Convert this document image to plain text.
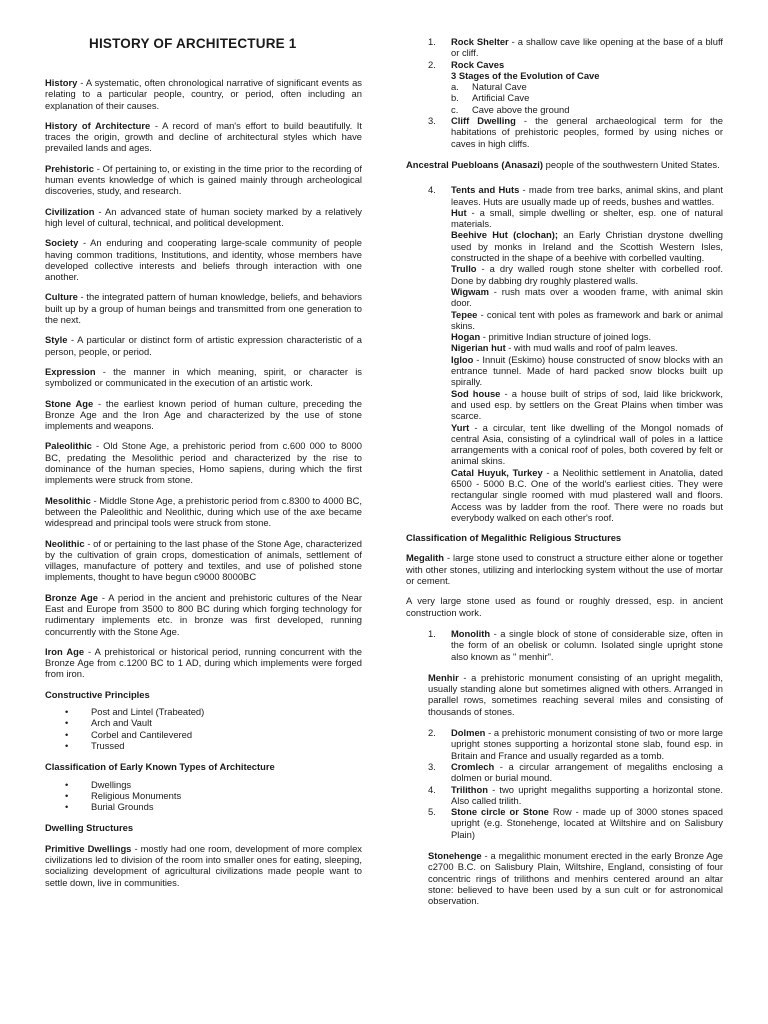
HISTORY OF ARCHITECTURE 1
History - A systematic, often chronological narrative of significant events as relating to a particular people, country, or period, often including an explanation of their causes.
History of Architecture - A record of man's effort to build beautifully. It traces the origin, growth and decline of architectural styles which have prevailed lands and ages.
Prehistoric - Of pertaining to, or existing in the time prior to the recording of human events knowledge of which is gained mainly through archeological discoveries, study, and research.
Civilization - An advanced state of human society marked by a relatively high level of cultural, technical, and political development.
Society - An enduring and cooperating large-scale community of people having common traditions, Institutions, and identity, whose members have developed collective interests and beliefs through interaction with one another.
Culture - the integrated pattern of human knowledge, beliefs, and behaviors built up by a group of human beings and transmitted from one generation to the next.
Style - A particular or distinct form of artistic expression characteristic of a person, people, or period.
Expression - the manner in which meaning, spirit, or character is symbolized or communicated in the execution of an artistic work.
Stone Age - the earliest known period of human culture, preceding the Bronze Age and the Iron Age and characterized by the use of stone implements and weapons.
Paleolithic - Old Stone Age, a prehistoric period from c.600 000 to 8000 BC, predating the Mesolithic period and characterized by the rise to dominance of the human species, Homo sapiens, during which the first implements were struck from stone.
Mesolithic - Middle Stone Age, a prehistoric period from c.8300 to 4000 BC, between the Paleolithic and Neolithic, during which use of the axe became widespread and principal tools were struck from stone.
Neolithic - of or pertaining to the last phase of the Stone Age, characterized by the cultivation of grain crops, domestication of animals, settlement of villages, manufacture of pottery and textiles, and use of polished stone implements, thought to have begun c9000 8000BC
Bronze Age - A period in the ancient and prehistoric cultures of the Near East and Europe from 3500 to 800 BC during which forging technology for rudimentary implements etc. in bronze was first developed, running concurrently with the Stone Age.
Iron Age - A prehistorical or historical period, running concurrent with the Bronze Age from c.1200 BC to 1 AD, during which implements were forged from iron.
Constructive Principles
• Post and Lintel (Trabeated)
• Arch and Vault
• Corbel and Cantilevered
• Trussed
Classification of Early Known Types of Architecture
• Dwellings
• Religious Monuments
• Burial Grounds
Dwelling Structures
Primitive Dwellings - mostly had one room, development of more complex civilizations led to division of the room into smaller ones for eating, sleeping, socializing development of agricultural civilizations made people want to settle down, live in communities.
1. Rock Shelter - a shallow cave like opening at the base of a bluff or cliff.
2. Rock Caves
3 Stages of the Evolution of Cave
a. Natural Cave
b. Artificial Cave
c. Cave above the ground
3. Cliff Dwelling - the general archaeological term for the habitations of prehistoric peoples, formed by using niches or caves in high cliffs.
Ancestral Puebloans (Anasazi) people of the southwestern United States.
4. Tents and Huts - made from tree barks, animal skins, and plant leaves. Huts are usually made up of reeds, bushes and wattles.
Hut - a small, simple dwelling or shelter, esp. one of natural materials.
Beehive Hut (clochan); an Early Christian drystone dwelling used by monks in Ireland and the Scottish Western Isles, constructed in the shape of a beehive with corbelled vaulting.
Trullo - a dry walled rough stone shelter with corbelled roof. Done by dabbing dry roughly plastered walls.
Wigwam - rush mats over a wooden frame, with animal skin door.
Tepee - conical tent with poles as framework and bark or animal skins.
Hogan - primitive Indian structure of joined logs.
Nigerian hut - with mud walls and roof of palm leaves.
Igloo - Innuit (Eskimo) house constructed of snow blocks with an entrance tunnel. Made of hard packed snow blocks built up spirally.
Sod house - a house built of strips of sod, laid like brickwork, and used esp. by settlers on the Great Plains when timber was scarce.
Yurt - a circular, tent like dwelling of the Mongol nomads of central Asia, consisting of a cylindrical wall of poles in a lattice arrangements with a conical roof of poles, both covered by felt or animal skins.
Catal Huyuk, Turkey - a Neolithic settlement in Anatolia, dated 6500 - 5000 B.C. One of the world's earliest cities. They were rectangular single roomed with mud plastered wall and floors. Access was by ladder from the roof. There were no roads but everybody walked on each other's roof.
Classification of Megalithic Religious Structures
Megalith - large stone used to construct a structure either alone or together with other stones, utilizing and interlocking system without the use of mortar or cement.
A very large stone used as found or roughly dressed, esp. in ancient construction work.
1. Monolith - a single block of stone of considerable size, often in the form of an obelisk or column. Isolated single upright stone also known as " menhir".
Menhir - a prehistoric monument consisting of an upright megalith, usually standing alone but sometimes aligned with others. Arranged in parallel rows, sometimes reaching several miles and consisting of thousands of stones.
2. Dolmen - a prehistoric monument consisting of two or more large upright stones supporting a horizontal stone slab, found esp. in Britain and France and usually regarded as a tomb.
3. Cromlech - a circular arrangement of megaliths enclosing a dolmen or burial mound.
4. Trilithon - two upright megaliths supporting a horizontal stone. Also called trilith.
5. Stone circle or Stone Row - made up of 3000 stones spaced upright (e.g. Stonehenge, located at Wiltshire and on Salisbury Plain)
Stonehenge - a megalithic monument erected in the early Bronze Age c2700 B.C. on Salisbury Plain, Wiltshire, England, consisting of four concentric rings of trilithons and menhirs centered around an altar stone: believed to have been used by a sun cult or for astronomical observation.
